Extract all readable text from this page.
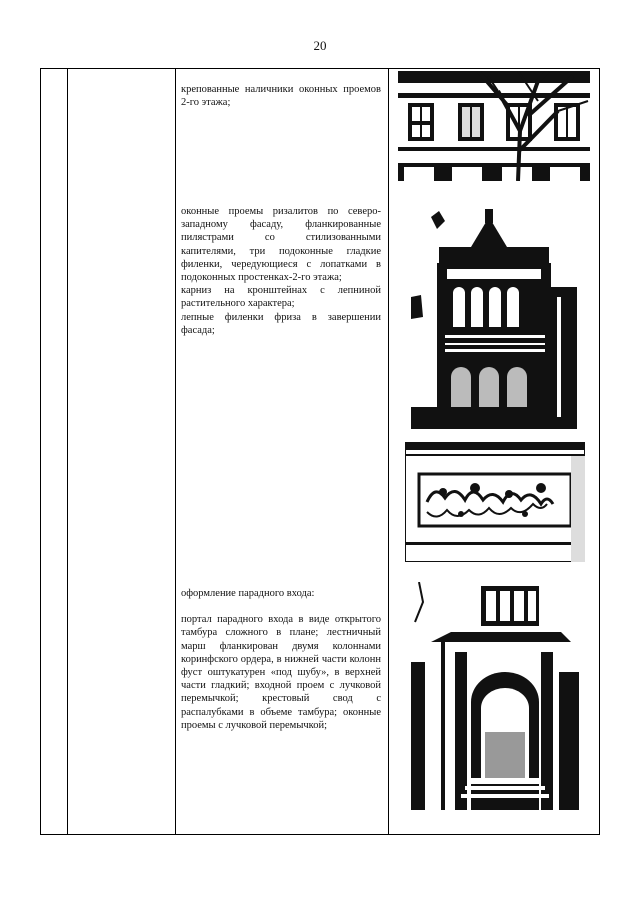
20

крепованные наличники оконных проемов 2-го этажа;

оконные проемы ризалитов по северо-западному фасаду, фланкированные пилястрами со стилизованными капителями, три подоконные гладкие филенки, чередующиеся с лопатками в подоконных простенках-2-го этажа;

карниз на кронштейнах с лепниной растительного характера;

лепные филенки фриза в завершении фасада;

оформление парадного входа:

портал парадного входа в виде открытого тамбура сложного в плане; лестничный марш фланкирован двумя колоннами коринфского ордера, в нижней части колонн фуст оштукатурен «под шубу», в верхней части гладкий; входной проем с лучковой перемычкой; крестовый свод с распалубками в объеме тамбура; оконные проемы с лучковой перемычкой;
